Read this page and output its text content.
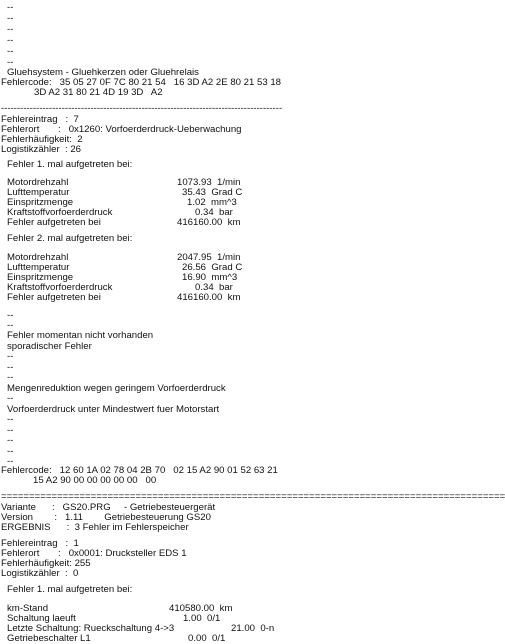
--
--
--
--
--
--
Gluehsystem - Gluehkerzen oder Gluehrelais
Fehlercode:   35 05 27 0F 7C 80 21 54   16 3D A2 2E 80 21 53 18
3D A2 31 80 21 4D 19 3D   A2
----------------------------------------------------------------------------------------
Fehlereintrag   :  7
Fehlerort       :   0x1260: Vorfoerderdruck-Ueberwachung
Fehlerhäufigkeit:  2
Logistikzähler  : 26
Fehler 1. mal aufgetreten bei:
Motordrehzahl	1073.93  1/min
Lufttemperatur	35.43  Grad C
Einspritzmenge	1.02  mm^3
Kraftstoffvorfoerderdruck	0.34  bar
Fehler aufgetreten bei	416160.00  km
Fehler 2. mal aufgetreten bei:
Motordrehzahl	2047.95  1/min
Lufttemperatur	26.56  Grad C
Einspritzmenge	16.90  mm^3
Kraftstoffvorfoerderdruck	0.34  bar
Fehler aufgetreten bei	416160.00  km
--
--
Fehler momentan nicht vorhanden
sporadischer Fehler
--
--
--
Mengenreduktion wegen geringem Vorfoerderdruck
--
Vorfoerderdruck unter Mindestwert fuer Motorstart
--
--
--
--
--
Fehlercode:   12 60 1A 02 78 04 2B 70   02 15 A2 90 01 52 63 21
15 A2 90 00 00 00 00 00   00
==========================================================================================
Variante      :   GS20.PRG     - Getriebesteuergerät
Version        :   1.11        Getriebesteuerung GS20
ERGEBNIS      :  3 Fehler im Fehlerspeicher
Fehlereintrag   :  1
Fehlerort       :   0x0001: Drucksteller EDS 1
Fehlerhäufigkeit: 255
Logistikzähler  :  0
Fehler 1. mal aufgetreten bei:
km-Stand	410580.00  km
Schaltung laeuft	1.00  0/1
Letzte Schaltung: Rueckschaltung 4->3	21.00  0-n
Getriebeschalter L1	0.00  0/1
